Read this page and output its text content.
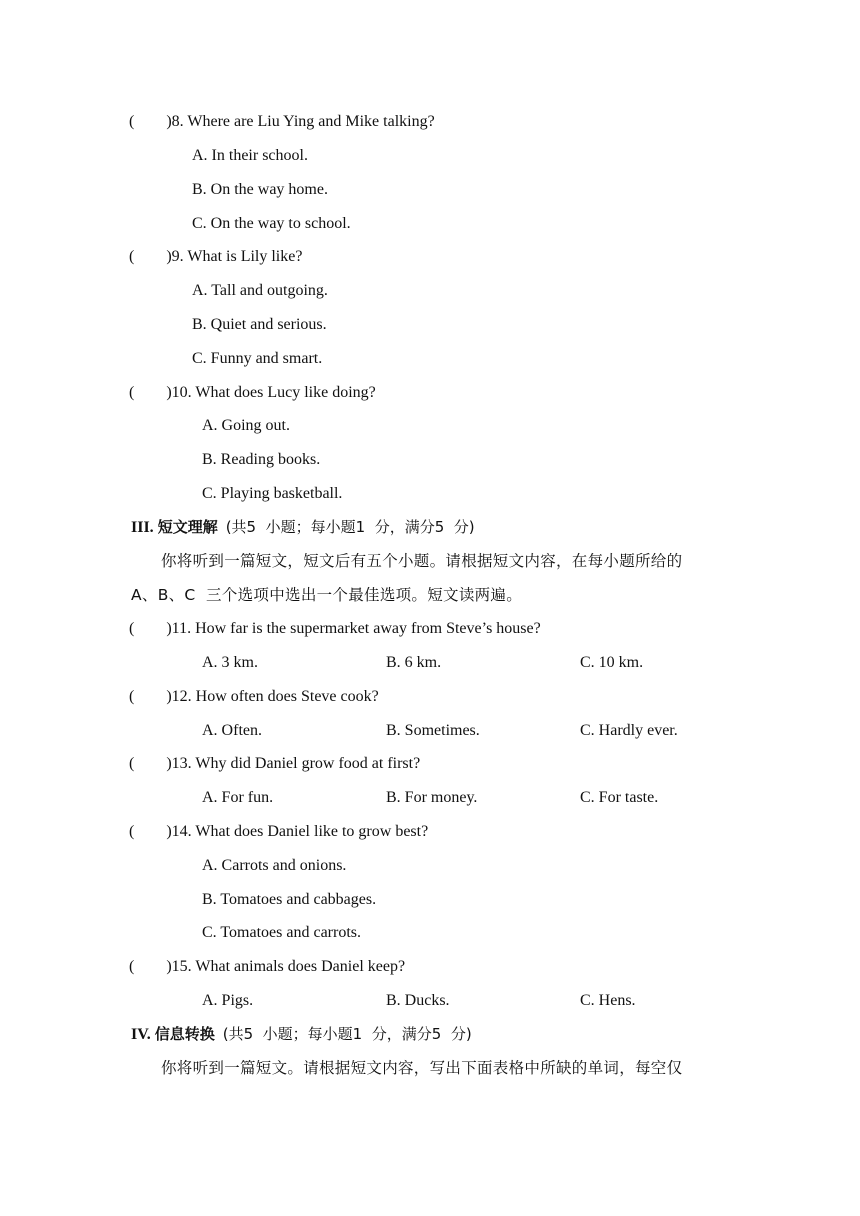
(        )8. Where are Liu Ying and Mike talking?
A. In their school.
B. On the way home.
C. On the way to school.
(        )9. What is Lily like?
A. Tall and outgoing.
B. Quiet and serious.
C. Funny and smart.
(        )10. What does Lucy like doing?
A. Going out.
B. Reading books.
C. Playing basketball.
III. 短文理解 (共5  小题；每小题1  分，满分5  分)
你将听到一篇短文，短文后有五个小题。请根据短文内容，在每小题所给的
A、B、C  三个选项中选出一个最佳选项。短文读两遍。
(        )11. How far is the supermarket away from Steve’s house?
A. 3 km.	B. 6 km.	C. 10 km.
(        )12. How often does Steve cook?
A. Often.	B. Sometimes.	C. Hardly ever.
(        )13. Why did Daniel grow food at first?
A. For fun.	B. For money.	C. For taste.
(        )14. What does Daniel like to grow best?
A. Carrots and onions.
B. Tomatoes and cabbages.
C. Tomatoes and carrots.
(        )15. What animals does Daniel keep?
A. Pigs.	B. Ducks.	C. Hens.
IV. 信息转换 (共5  小题；每小题1  分，满分5  分)
你将听到一篇短文。请根据短文内容，写出下面表格中所缺的单词，每空仅
